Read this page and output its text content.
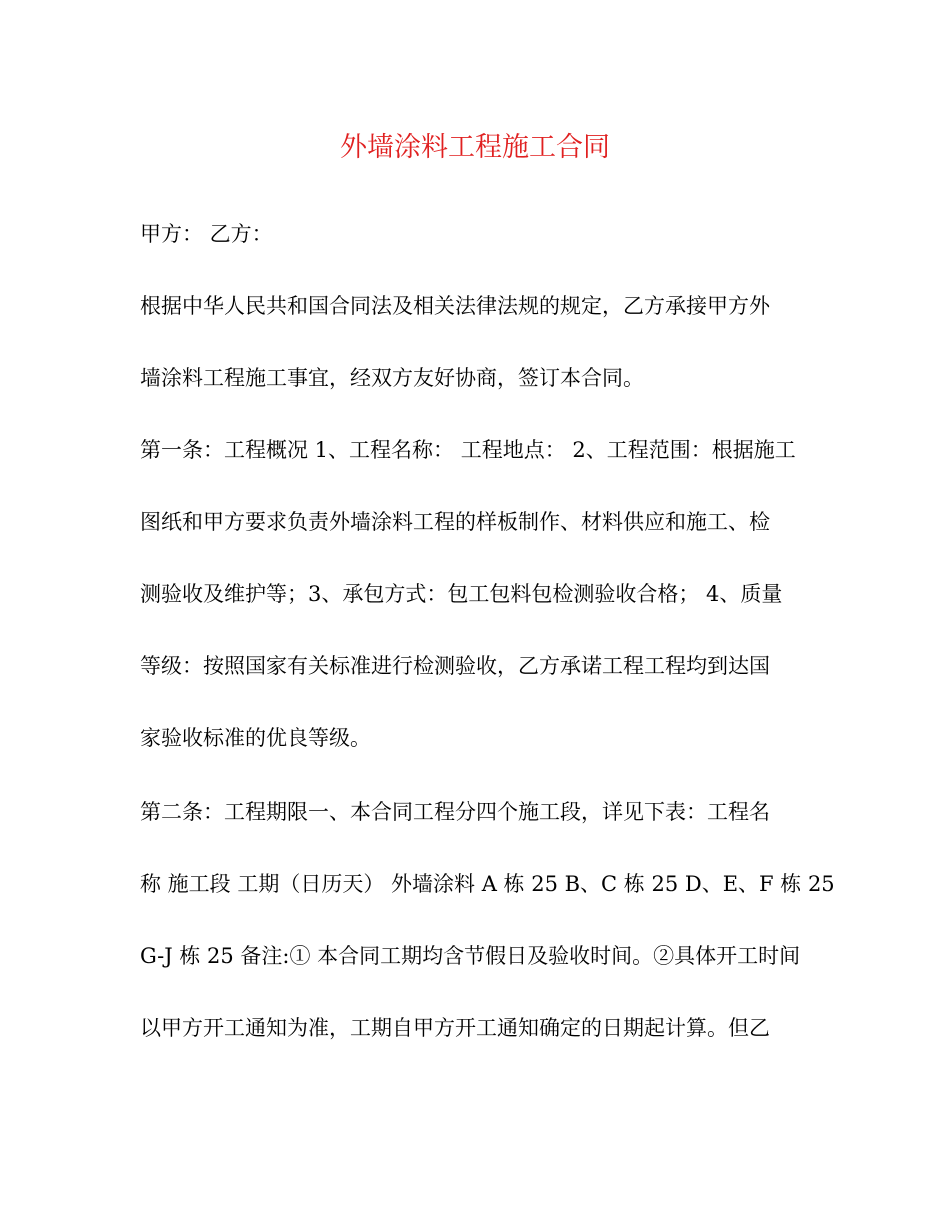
外墙涂料工程施工合同
甲方： 乙方：
根据中华人民共和国合同法及相关法律法规的规定，乙方承接甲方外
墙涂料工程施工事宜，经双方友好协商，签订本合同。
第一条：工程概况 1、工程名称： 工程地点： 2、工程范围：根据施工
图纸和甲方要求负责外墙涂料工程的样板制作、材料供应和施工、检
测验收及维护等；3、承包方式：包工包料包检测验收合格； 4、质量
等级：按照国家有关标准进行检测验收，乙方承诺工程工程均到达国
家验收标准的优良等级。
第二条：工程期限一、本合同工程分四个施工段，详见下表：工程名
称 施工段 工期（日历天） 外墙涂料 A 栋 25 B、C 栋 25 D、E、F 栋 25
G-J 栋 25 备注:① 本合同工期均含节假日及验收时间。②具体开工时间
以甲方开工通知为准，工期自甲方开工通知确定的日期起计算。但乙
